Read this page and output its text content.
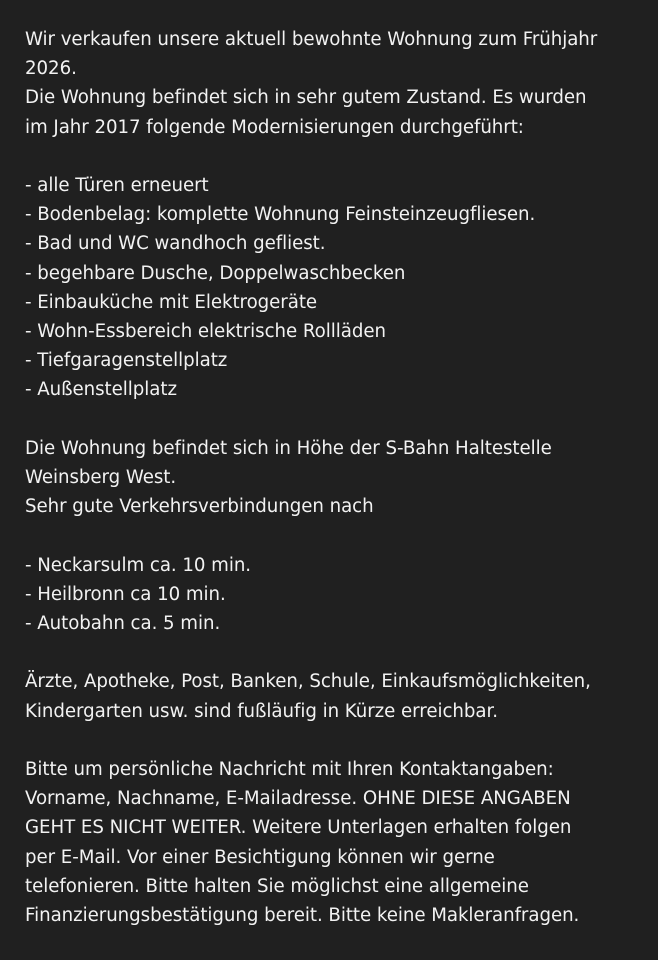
Wir verkaufen unsere aktuell bewohnte Wohnung zum Frühjahr
2026.
Die Wohnung befindet sich in sehr gutem Zustand. Es wurden
im Jahr 2017 folgende Modernisierungen durchgeführt:
- alle Türen erneuert
- Bodenbelag: komplette Wohnung Feinsteinzeugfliesen.
- Bad und WC wandhoch gefliest.
- begehbare Dusche, Doppelwaschbecken
- Einbauküche mit Elektrogeräte
- Wohn-Essbereich elektrische Rollläden
- Tiefgaragenstellplatz
- Außenstellplatz
Die Wohnung befindet sich in Höhe der S-Bahn Haltestelle
Weinsberg West.
Sehr gute Verkehrsverbindungen nach
- Neckarsulm ca. 10 min.
- Heilbronn ca 10 min.
- Autobahn ca. 5 min.
Ärzte, Apotheke, Post, Banken, Schule, Einkaufsmöglichkeiten,
Kindergarten usw. sind fußläufig in Kürze erreichbar.
Bitte um persönliche Nachricht mit Ihren Kontaktangaben:
Vorname, Nachname, E-Mailadresse. OHNE DIESE ANGABEN
GEHT ES NICHT WEITER. Weitere Unterlagen erhalten folgen
per E-Mail. Vor einer Besichtigung können wir gerne
telefonieren. Bitte halten Sie möglichst eine allgemeine
Finanzierungsbestätigung bereit. Bitte keine Makleranfragen.
